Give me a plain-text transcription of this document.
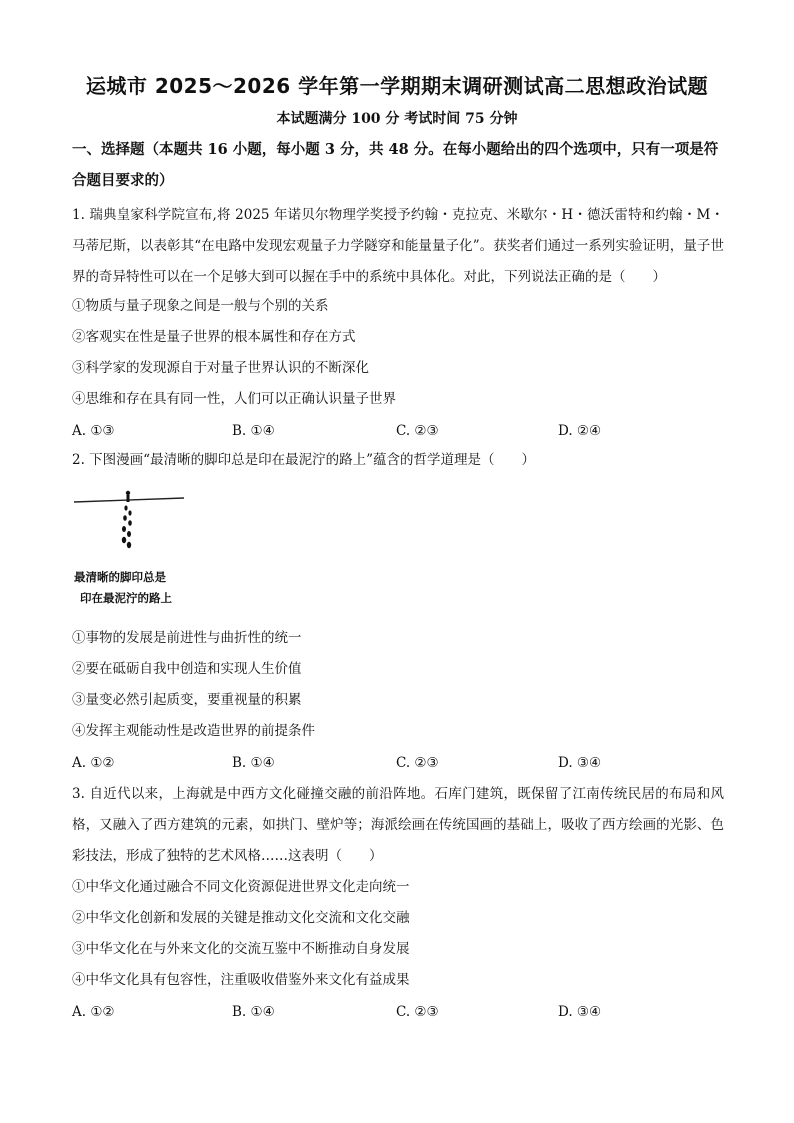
运城市 2025～2026 学年第一学期期末调研测试高二思想政治试题
本试题满分 100 分 考试时间 75 分钟
一、选择题（本题共 16 小题，每小题 3 分，共 48 分。在每小题给出的四个选项中，只有一项是符合题目要求的）
1. 瑞典皇家科学院宣布,将 2025 年诺贝尔物理学奖授予约翰・克拉克、米歇尔・H・德沃雷特和约翰・M・马蒂尼斯，以表彰其“在电路中发现宏观量子力学隧穿和能量量子化”。获奖者们通过一系列实验证明，量子世界的奇异特性可以在一个足够大到可以握在手中的系统中具体化。对此，下列说法正确的是（　　）
①物质与量子现象之间是一般与个别的关系
②客观实在性是量子世界的根本属性和存在方式
③科学家的发现源自于对量子世界认识的不断深化
④思维和存在具有同一性，人们可以正确认识量子世界
A. ①③	B. ①④	C. ②③	D. ②④
2. 下图漫画“最清晰的脚印总是印在最泥泞的路上”蕴含的哲学道理是（　　）
最清晰的脚印总是
印在最泥泞的路上
①事物的发展是前进性与曲折性的统一
②要在砥砺自我中创造和实现人生价值
③量变必然引起质变，要重视量的积累
④发挥主观能动性是改造世界的前提条件
A. ①②	B. ①④	C. ②③	D. ③④
3. 自近代以来，上海就是中西方文化碰撞交融的前沿阵地。石库门建筑，既保留了江南传统民居的布局和风格，又融入了西方建筑的元素，如拱门、壁炉等；海派绘画在传统国画的基础上，吸收了西方绘画的光影、色彩技法，形成了独特的艺术风格……这表明（　　）
①中华文化通过融合不同文化资源促进世界文化走向统一
②中华文化创新和发展的关键是推动文化交流和文化交融
③中华文化在与外来文化的交流互鉴中不断推动自身发展
④中华文化具有包容性，注重吸收借鉴外来文化有益成果
A. ①②	B. ①④	C. ②③	D. ③④
